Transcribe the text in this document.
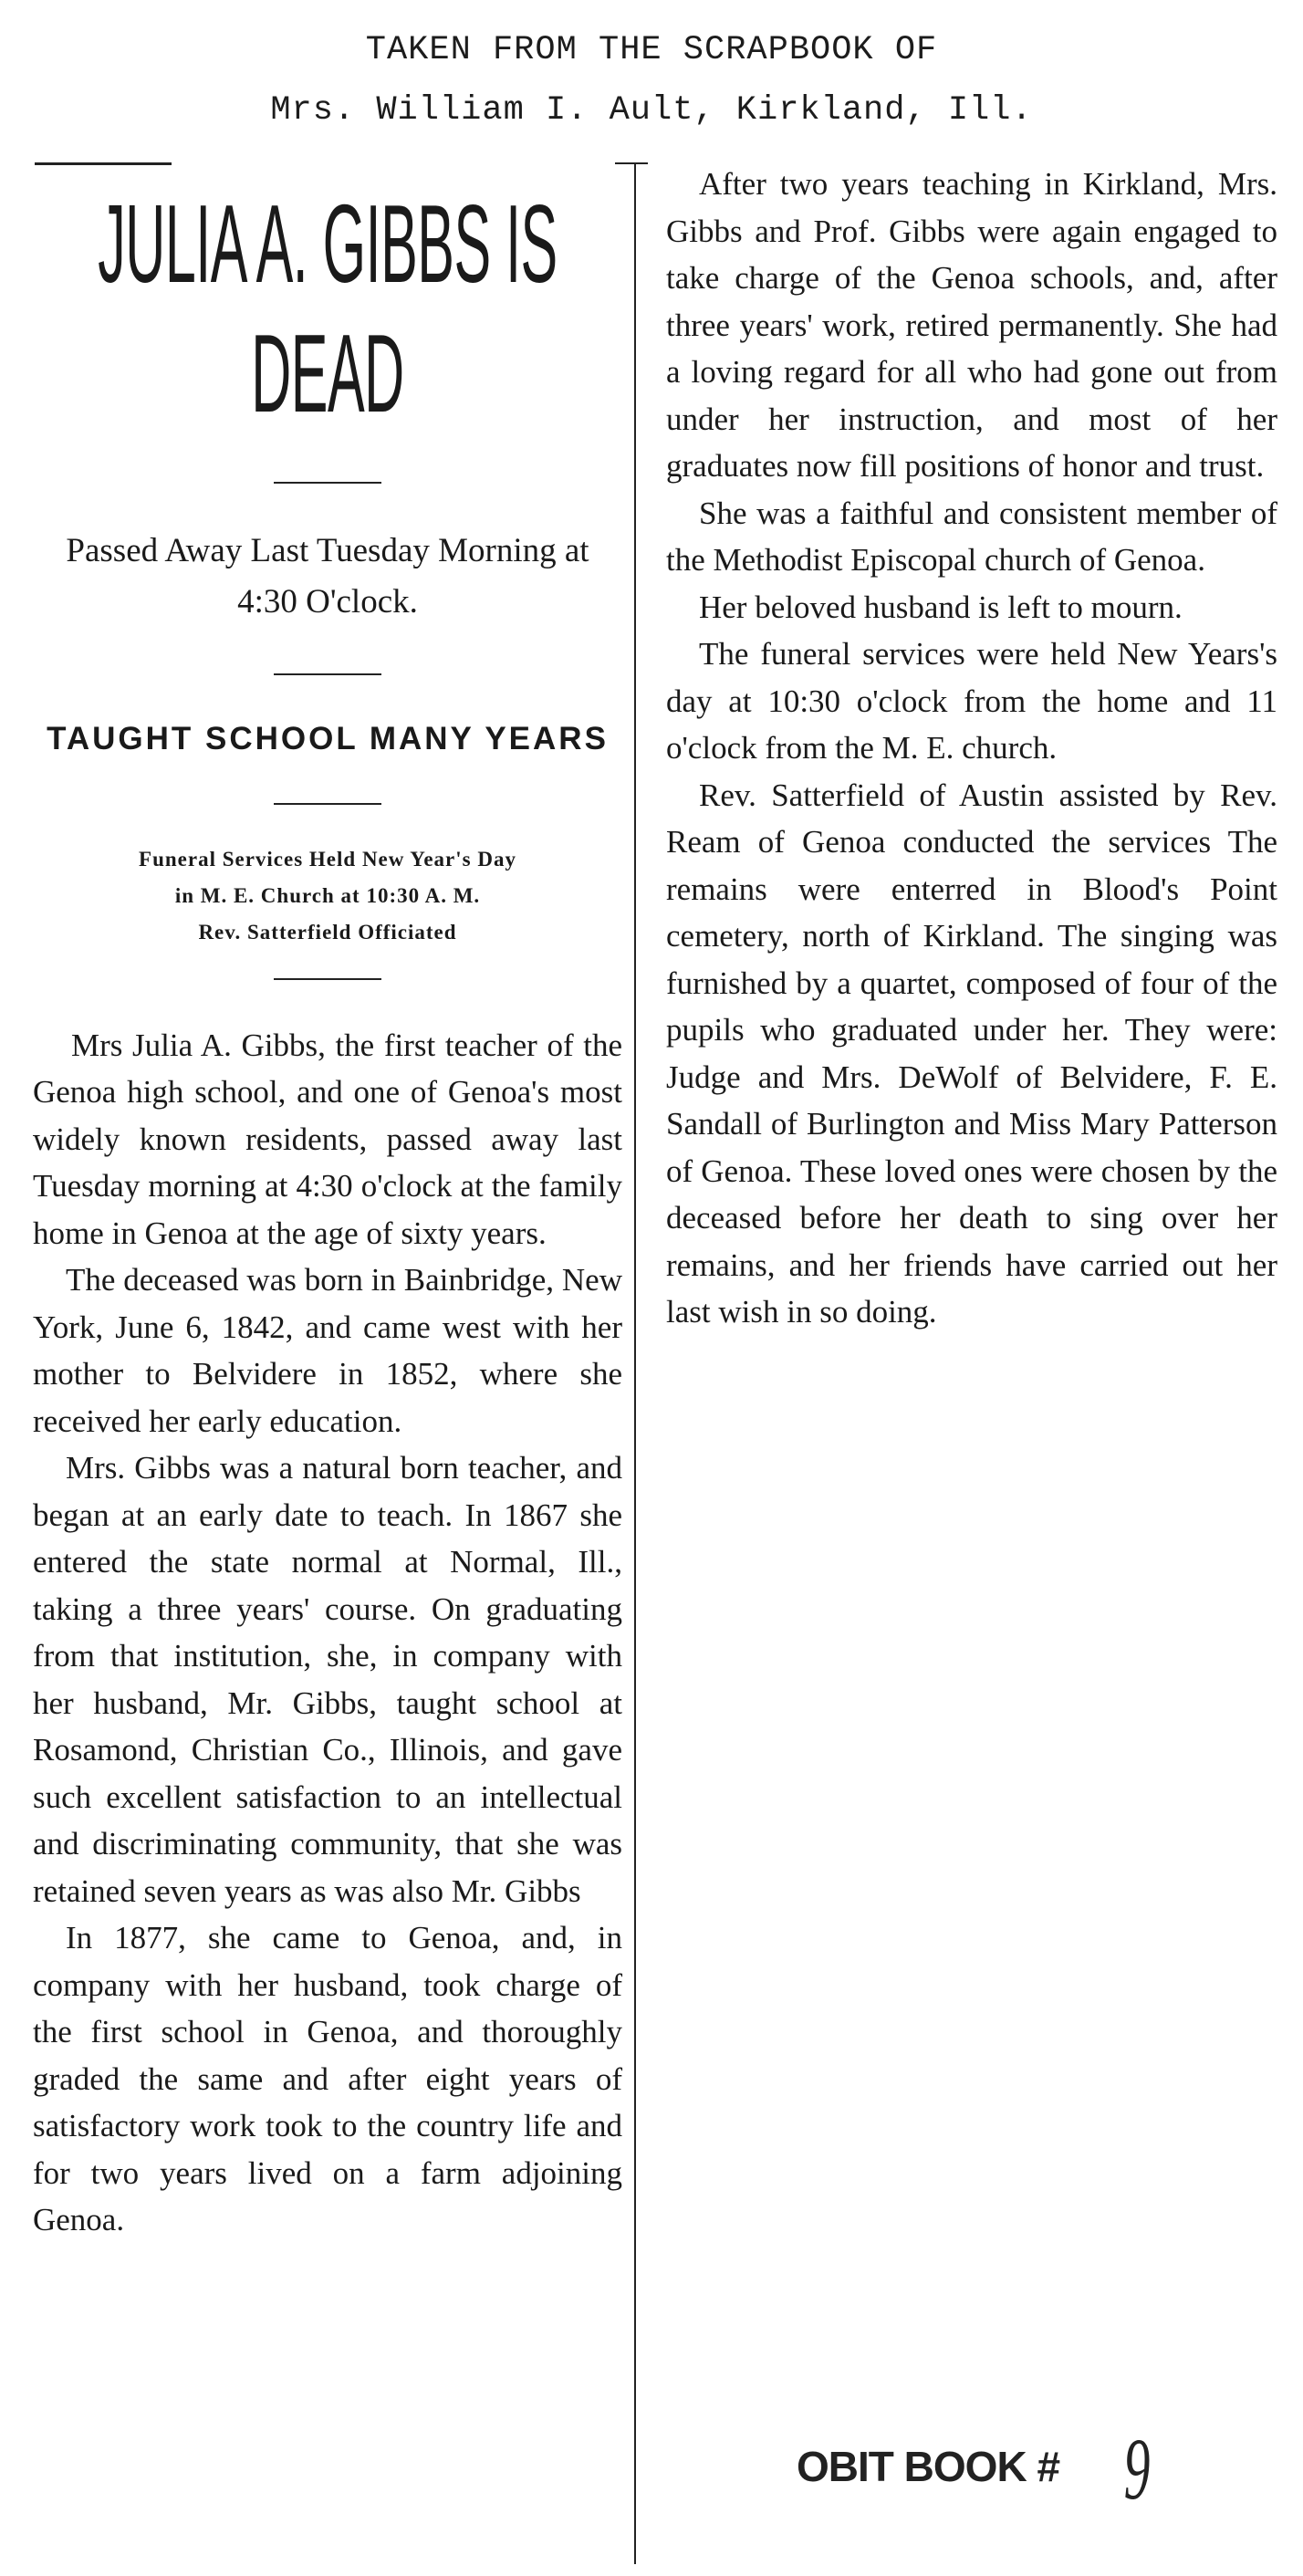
TAKEN FROM THE SCRAPBOOK OF
Mrs. William I. Ault, Kirkland, Ill.
JULIA A. GIBBS IS DEAD

Passed Away Last Tuesday Morning at 4:30 O'clock.

TAUGHT SCHOOL MANY YEARS

Funeral Services Held New Year's Day

in M. E. Church at 10:30 A. M.

Rev. Satterfield Officiated

Mrs Julia A. Gibbs, the first teacher of the Genoa high school, and one of Genoa's most widely known residents, passed away last Tuesday morning at 4:30 o'clock at the family home in Genoa at the age of sixty years.

The deceased was born in Bainbridge, New York, June 6, 1842, and came west with her mother to Belvidere in 1852, where she received her early education.

Mrs. Gibbs was a natural born teacher, and began at an early date to teach. In 1867 she entered the state normal at Normal, Ill., taking a three years' course. On graduating from that institution, she, in company with her husband, Mr. Gibbs, taught school at Rosamond, Christian Co., Illinois, and gave such excellent satisfaction to an intellectual and discriminating community, that she was retained seven years as was also Mr. Gibbs

In 1877, she came to Genoa, and, in company with her husband, took charge of the first school in Genoa, and thoroughly graded the same and after eight years of satisfactory work took to the country life and for two years lived on a farm adjoining Genoa.

After two years teaching in Kirkland, Mrs. Gibbs and Prof. Gibbs were again engaged to take charge of the Genoa schools, and, after three years' work, retired permanently. She had a loving regard for all who had gone out from under her instruction, and most of her graduates now fill positions of honor and trust.

She was a faithful and consistent member of the Methodist Episcopal church of Genoa.

Her beloved husband is left to mourn.

The funeral services were held New Years's day at 10:30 o'clock from the home and 11 o'clock from the M. E. church.

Rev. Satterfield of Austin assisted by Rev. Ream of Genoa conducted the services The remains were enterred in Blood's Point cemetery, north of Kirkland. The singing was furnished by a quartet, composed of four of the pupils who graduated under her. They were: Judge and Mrs. DeWolf of Belvidere, F. E. Sandall of Burlington and Miss Mary Patterson of Genoa. These loved ones were chosen by the deceased before her death to sing over her remains, and her friends have carried out her last wish in so doing.

OBIT BOOK # 9
